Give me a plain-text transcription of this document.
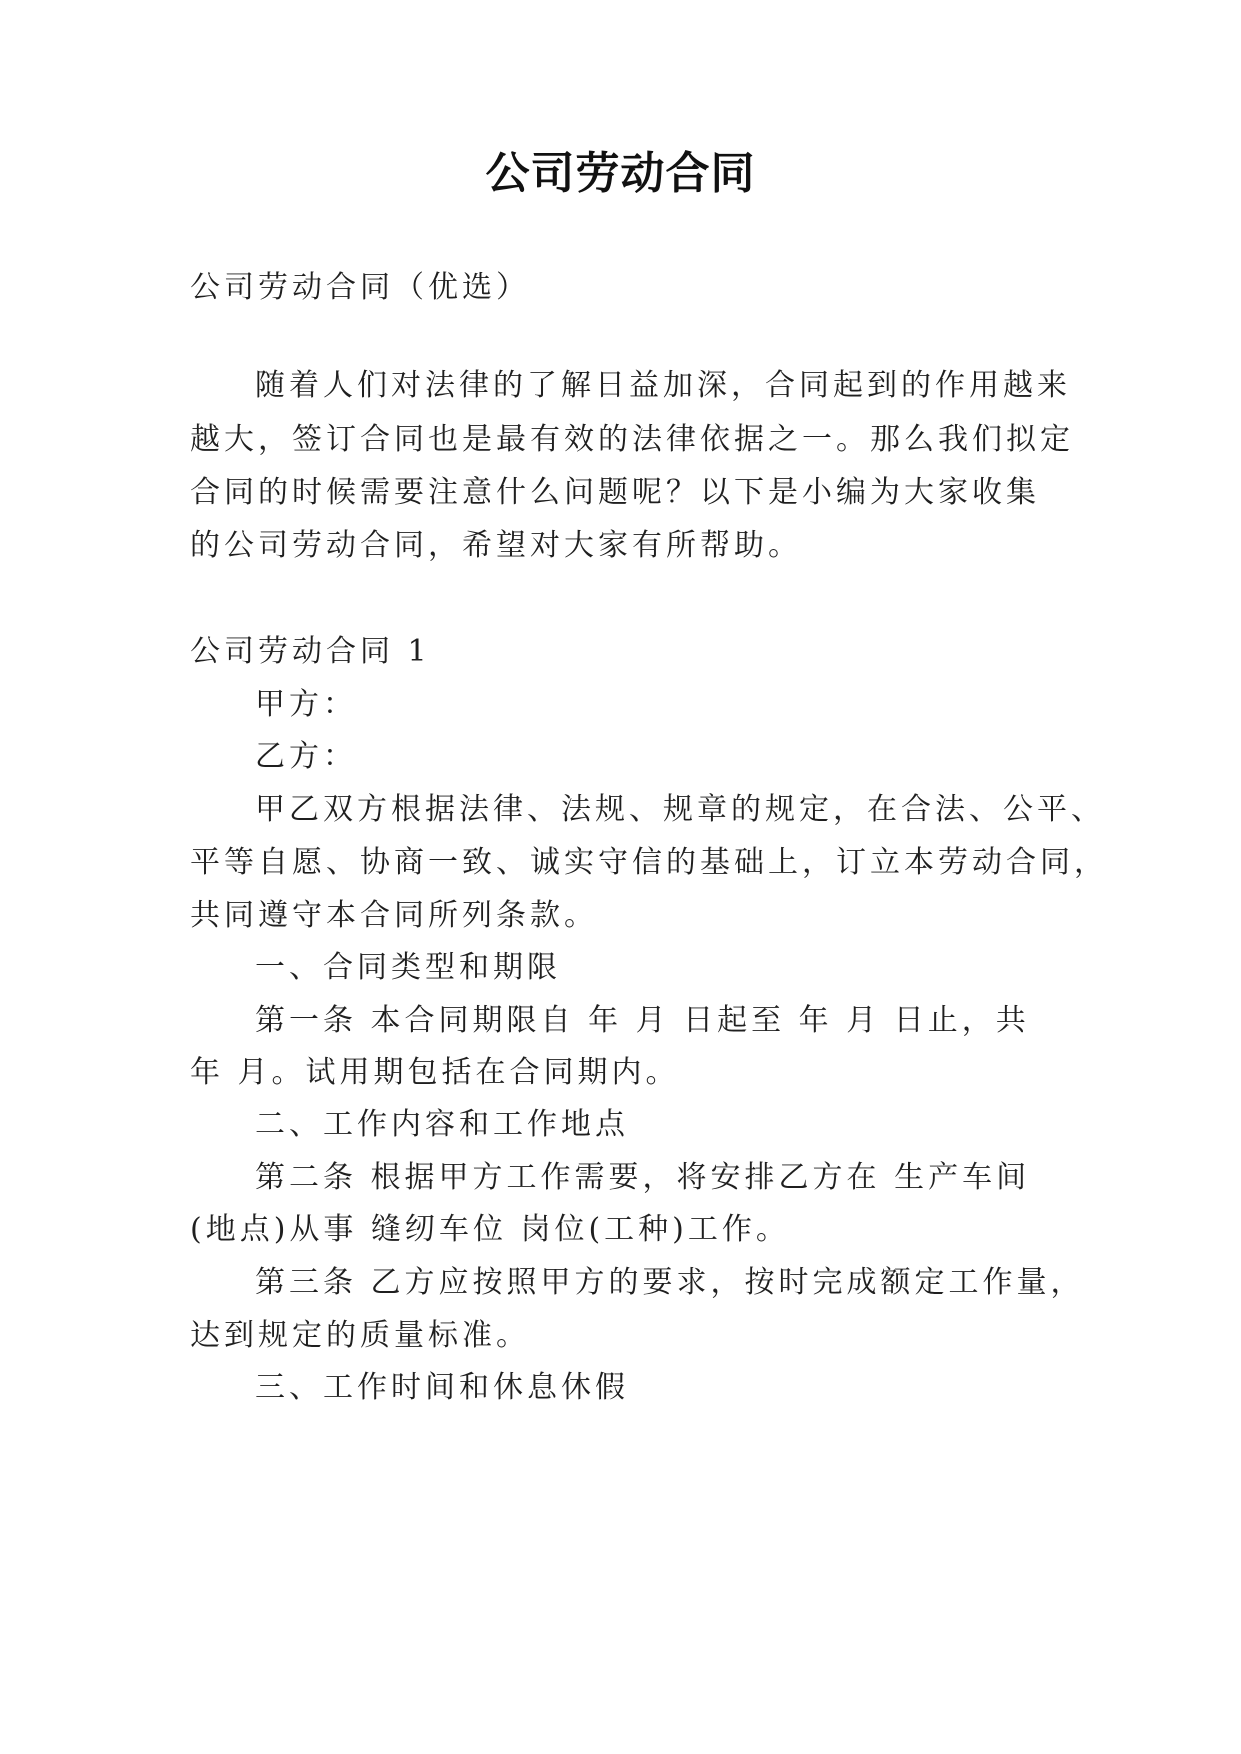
公司劳动合同
公司劳动合同（优选）
随着人们对法律的了解日益加深，合同起到的作用越来
越大，签订合同也是最有效的法律依据之一。那么我们拟定
合同的时候需要注意什么问题呢？以下是小编为大家收集
的公司劳动合同，希望对大家有所帮助。
公司劳动合同 1
甲方：
乙方：
甲乙双方根据法律、法规、规章的规定，在合法、公平、
平等自愿、协商一致、诚实守信的基础上，订立本劳动合同，
共同遵守本合同所列条款。
一、合同类型和期限
第一条 本合同期限自 年 月 日起至 年 月 日止，共
年 月。试用期包括在合同期内。
二、工作内容和工作地点
第二条 根据甲方工作需要，将安排乙方在 生产车间
(地点)从事 缝纫车位 岗位(工种)工作。
第三条 乙方应按照甲方的要求，按时完成额定工作量，
达到规定的质量标准。
三、工作时间和休息休假
